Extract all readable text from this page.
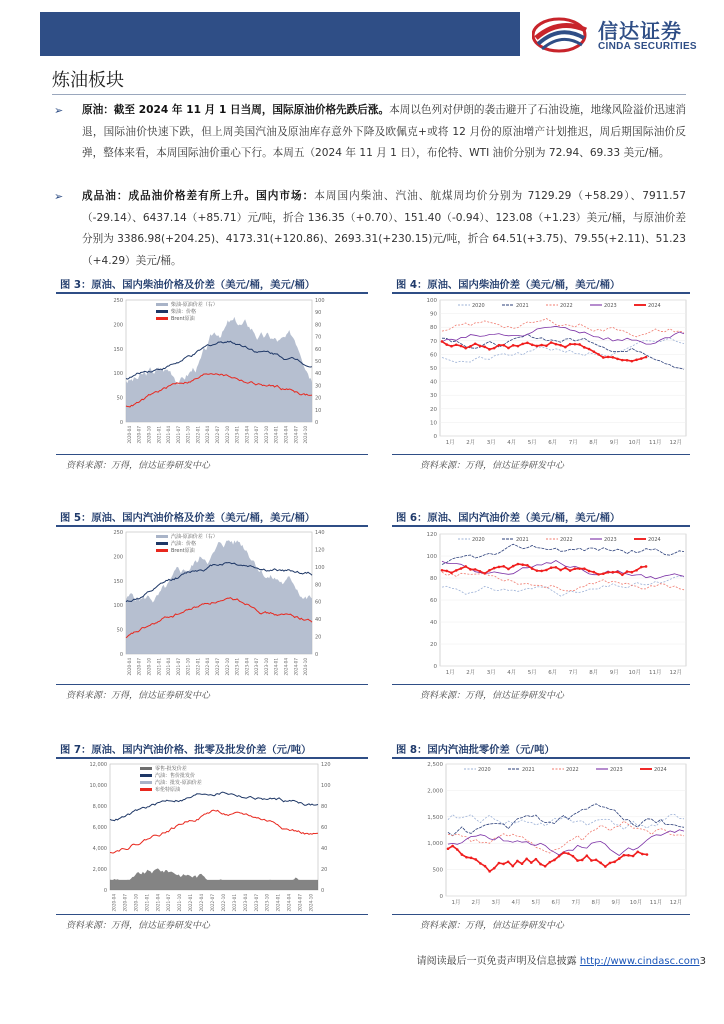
信达证券
CINDA SECURITIES
炼油板块
➢ 原油：截至 2024 年 11 月 1 日当周，国际原油价格先跌后涨。本周以色列对伊朗的袭击避开了石油设施，地缘风险溢价迅速消退，国际油价快速下跌，但上周美国汽油及原油库存意外下降及欧佩克+或将 12 月份的原油增产计划推迟，周后期国际油价反弹，整体来看，本周国际油价重心下行。本周五（2024 年 11 月 1 日），布伦特、WTI 油价分别为 72.94、69.33 美元/桶。
➢ 成品油：成品油价格差有所上升。国内市场：本周国内柴油、汽油、航煤周均价分别为 7129.29（+58.29）、7911.57（-29.14）、6437.14（+85.71）元/吨，折合 136.35（+0.70）、151.40（-0.94）、123.08（+1.23）美元/桶，与原油价差分别为 3386.98(+204.25)、4173.31(+120.86)、2693.31(+230.15)元/吨，折合 64.51(+3.75)、79.55(+2.11)、51.23（+4.29）美元/桶。
图 3：原油、国内柴油价格及价差（美元/桶，美元/桶）
资料来源：万得，信达证券研发中心
图 4：原油、国内柴油价差（美元/桶，美元/桶）
资料来源：万得，信达证券研发中心
图 5：原油、国内汽油价格及价差（美元/桶，美元/桶）
资料来源：万得，信达证券研发中心
图 6：原油、国内汽油价差（美元/桶，美元/桶）
资料来源：万得，信达证券研发中心
图 7：原油、国内汽油价格、批零及批发价差（元/吨）
资料来源：万得，信达证券研发中心
图 8：国内汽油批零价差（元/吨）
资料来源：万得，信达证券研发中心
250
200
150
100
50
0
100
90
80
70
60
50
40
30
20
10
0
2020-04 2020-07 2020-10 2021-01 2021-04 2021-07 2021-10 2022-01 2022-04 2022-07 2022-10 2023-01 2023-04 2023-07 2023-10 2024-01 2024-04 2024-07 2024-10
柴油-原油价差（右）
柴油：价格
Brent原油
100
90
80
70
60
50
40
30
20
10
0
1月 2月 3月 4月 5月 6月 7月 8月 9月 10月 11月 12月
2020	2021	2022	2023	2024
250
200
150
100
50
0
140
120
100
80
60
40
20
0
2020-04 2020-07 2020-10 2021-01 2021-04 2021-07 2021-10 2022-01 2022-04 2022-07 2022-10 2023-01 2023-04 2023-07 2023-10 2024-01 2024-04 2024-07 2024-10
汽油-原油价差（右）
汽油：价格
Brent原油
120
100
80
60
40
20
0
1月 2月 3月 4月 5月 6月 7月 8月 9月 10月 11月 12月
2020	2021	2022	2023	2024
12,000
10,000
8,000
6,000
4,000
2,000
0
120
100
80
60
40
20
0
2020-04 2020-07 2020-10 2021-01 2021-04 2021-07 2021-10 2022-01 2022-04 2022-07 2022-10 2023-01 2023-04 2023-07 2023-10 2024-01 2024-04 2024-07 2024-10
零售-批发价差
汽油：售价批发价
汽油：批发-原油价差
布伦特原油
2,500
2,000
1,500
1,000
500
0
1月 2月 3月 4月 5月 6月 7月 8月 9月 10月 11月 12月
2020	2021	2022	2023	2024
请阅读最后一页免责声明及信息披露 http://www.cindasc.com3
